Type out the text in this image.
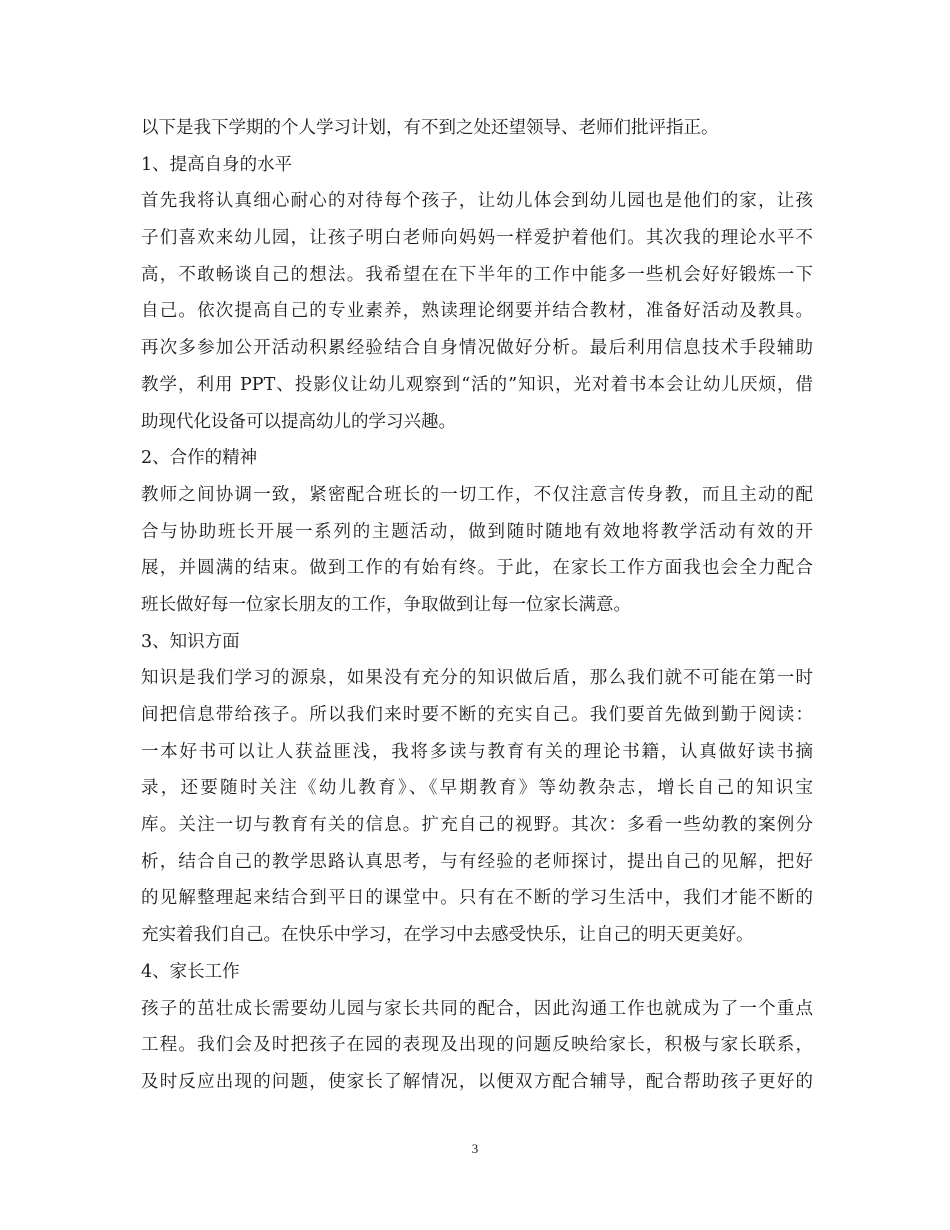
以下是我下学期的个人学习计划，有不到之处还望领导、老师们批评指正。
1、提高自身的水平
首先我将认真细心耐心的对待每个孩子，让幼儿体会到幼儿园也是他们的家，让孩
子们喜欢来幼儿园，让孩子明白老师向妈妈一样爱护着他们。其次我的理论水平不
高，不敢畅谈自己的想法。我希望在在下半年的工作中能多一些机会好好锻炼一下
自己。依次提高自己的专业素养，熟读理论纲要并结合教材，准备好活动及教具。
再次多参加公开活动积累经验结合自身情况做好分析。最后利用信息技术手段辅助
教学，利用 PPT、投影仪让幼儿观察到“活的”知识，光对着书本会让幼儿厌烦，借
助现代化设备可以提高幼儿的学习兴趣。
2、合作的精神
教师之间协调一致，紧密配合班长的一切工作，不仅注意言传身教，而且主动的配
合与协助班长开展一系列的主题活动，做到随时随地有效地将教学活动有效的开
展，并圆满的结束。做到工作的有始有终。于此，在家长工作方面我也会全力配合
班长做好每一位家长朋友的工作，争取做到让每一位家长满意。
3、知识方面
知识是我们学习的源泉，如果没有充分的知识做后盾，那么我们就不可能在第一时
间把信息带给孩子。所以我们来时要不断的充实自己。我们要首先做到勤于阅读：
一本好书可以让人获益匪浅，我将多读与教育有关的理论书籍，认真做好读书摘
录，还要随时关注《幼儿教育》、《早期教育》等幼教杂志，增长自己的知识宝
库。关注一切与教育有关的信息。扩充自己的视野。其次：多看一些幼教的案例分
析，结合自己的教学思路认真思考，与有经验的老师探讨，提出自己的见解，把好
的见解整理起来结合到平日的课堂中。只有在不断的学习生活中，我们才能不断的
充实着我们自己。在快乐中学习，在学习中去感受快乐，让自己的明天更美好。
4、家长工作
孩子的茁壮成长需要幼儿园与家长共同的配合，因此沟通工作也就成为了一个重点
工程。我们会及时把孩子在园的表现及出现的问题反映给家长，积极与家长联系，
及时反应出现的问题，使家长了解情况，以便双方配合辅导，配合帮助孩子更好的
3
